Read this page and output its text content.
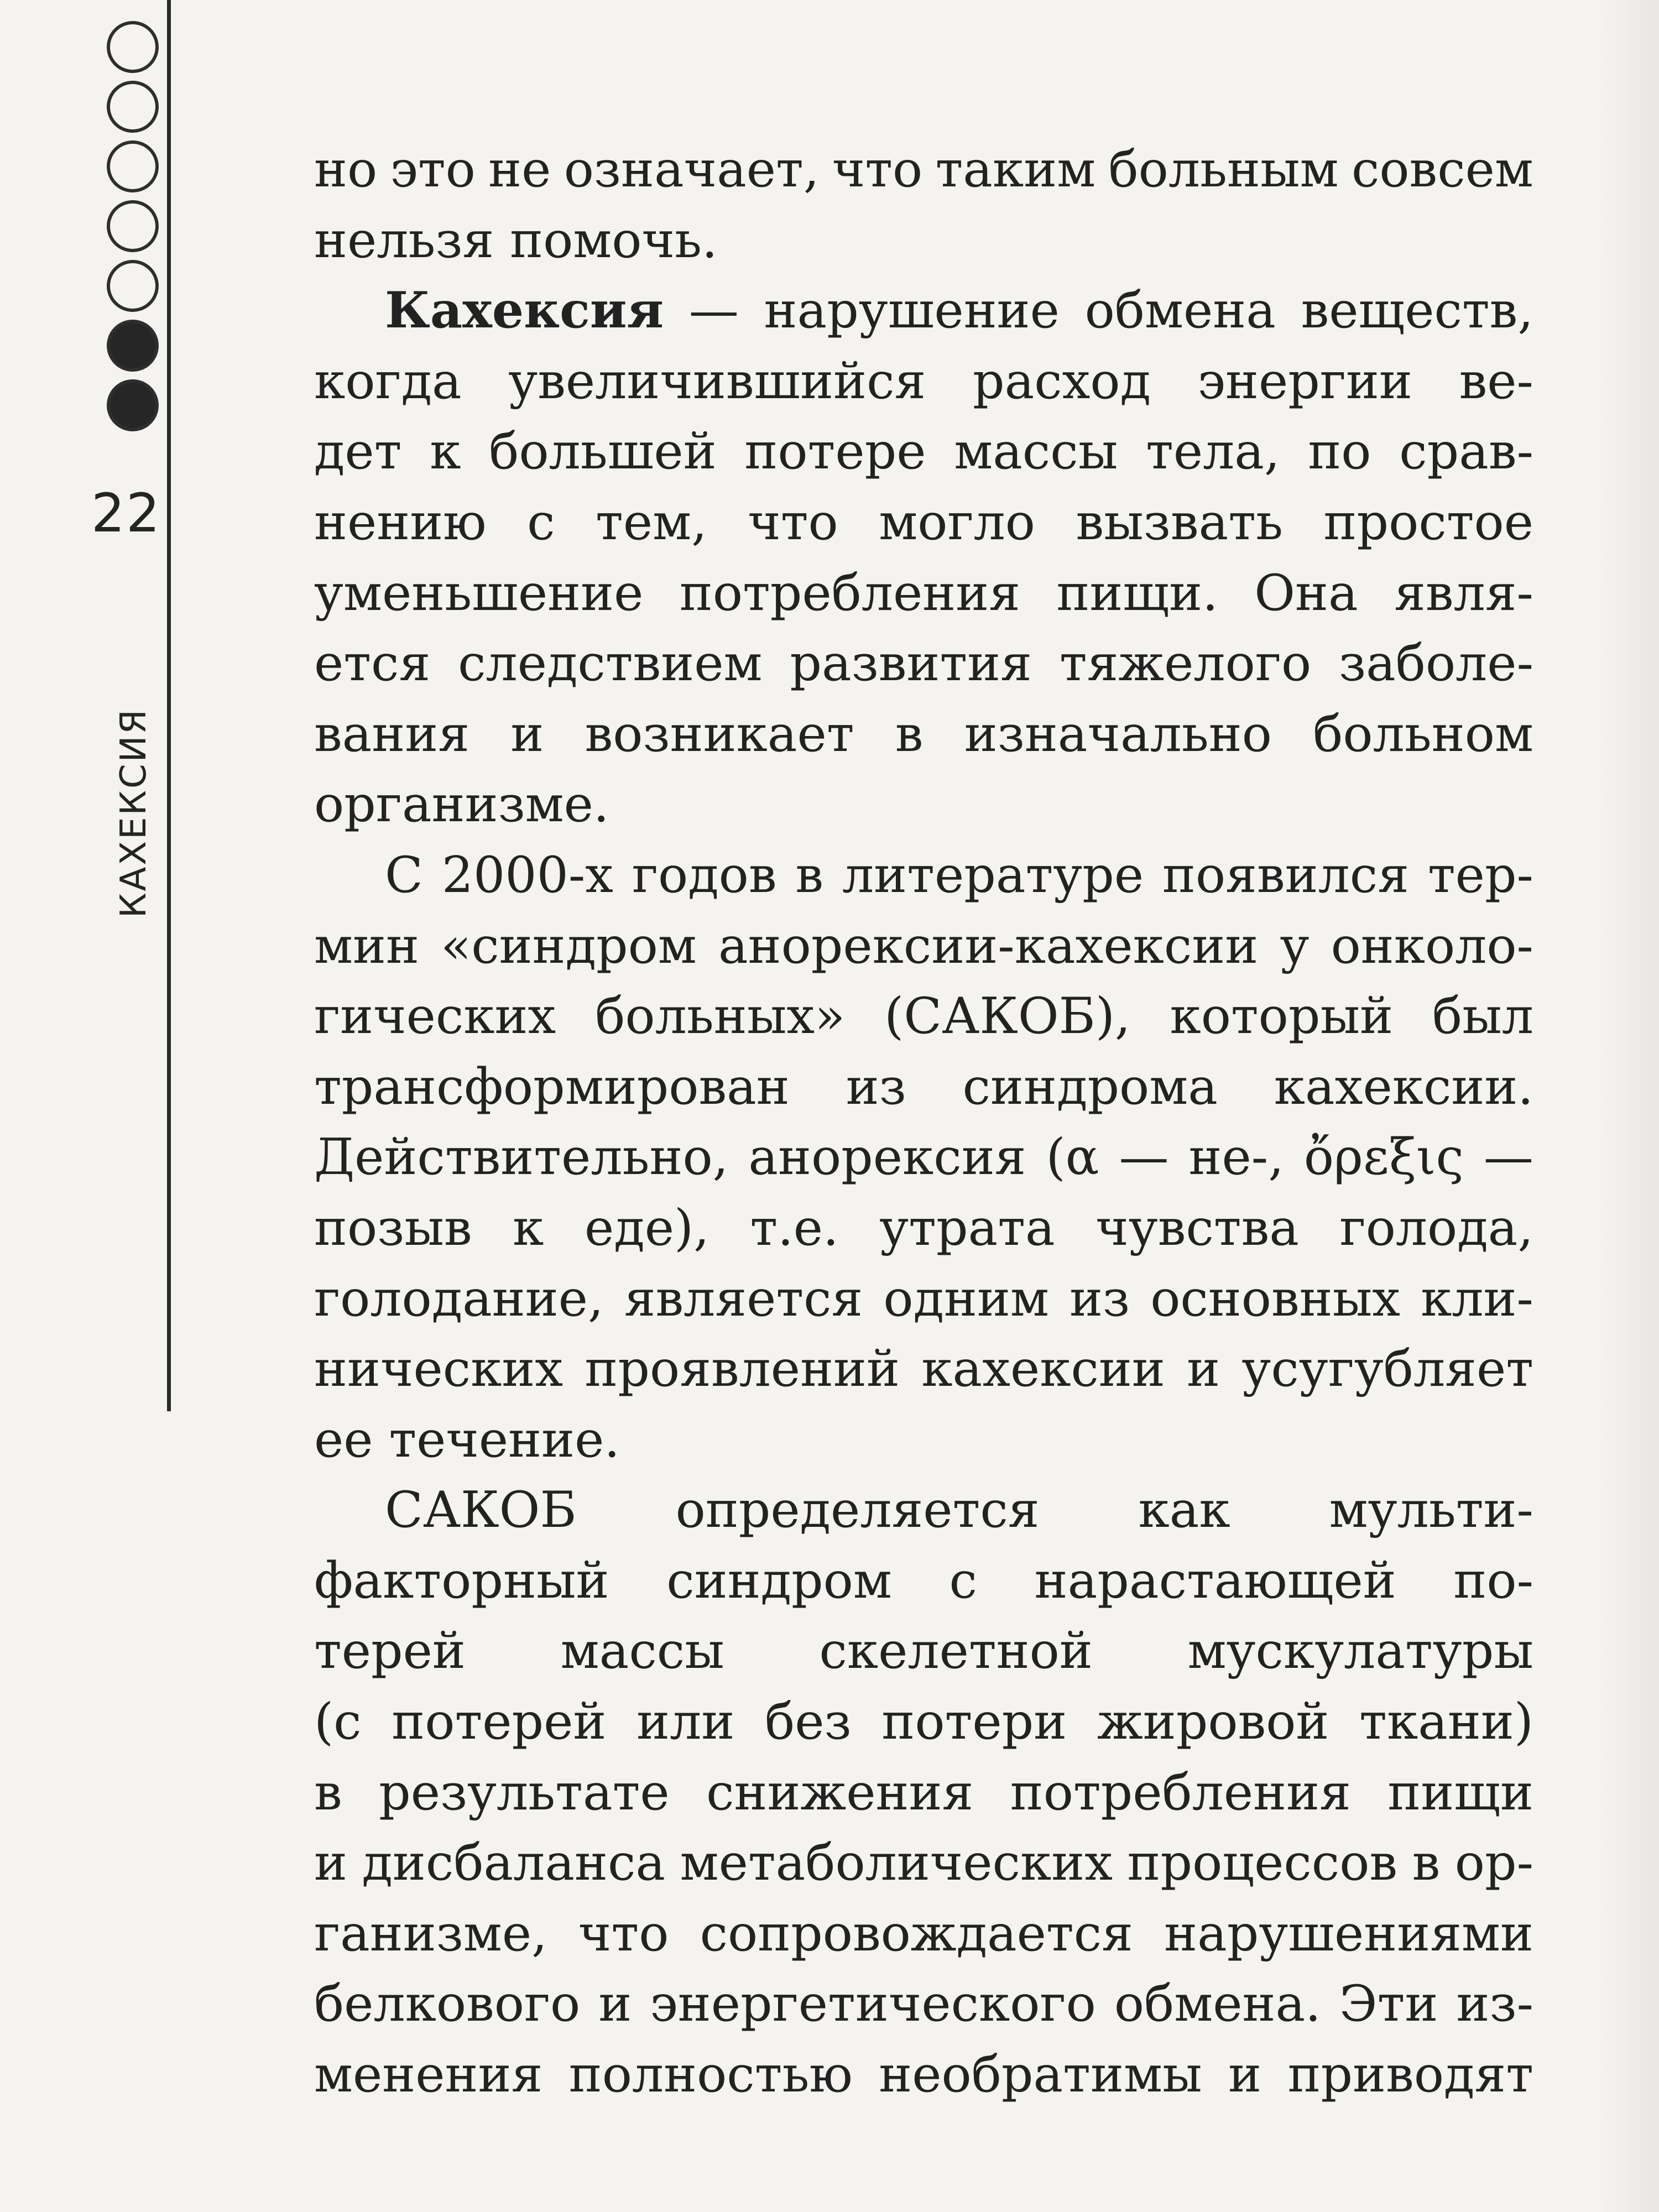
22
КАХЕКСИЯ
но это не означает, что таким больным совсем
нельзя помочь.
Кахексия — нарушение обмена веществ,
когда увеличившийся расход энергии ве-
дет к большей потере массы тела, по срав-
нению с тем, что могло вызвать простое
уменьшение потребления пищи. Она явля-
ется следствием развития тяжелого заболе-
вания и возникает в изначально больном
организме.
С 2000-х годов в литературе появился тер-
мин «синдром анорексии-кахексии у онколо-
гических больных» (САКОБ), который был
трансформирован из синдрома кахексии.
Действительно, анорексия (α — не-, ὄρεξις —
позыв к еде), т.е. утрата чувства голода,
голодание, является одним из основных кли-
нических проявлений кахексии и усугубляет
ее течение.
САКОБ определяется как мульти-
факторный синдром с нарастающей по-
терей массы скелетной мускулатуры
(с потерей или без потери жировой ткани)
в результате снижения потребления пищи
и дисбаланса метаболических процессов в ор-
ганизме, что сопровождается нарушениями
белкового и энергетического обмена. Эти из-
менения полностью необратимы и приводят
